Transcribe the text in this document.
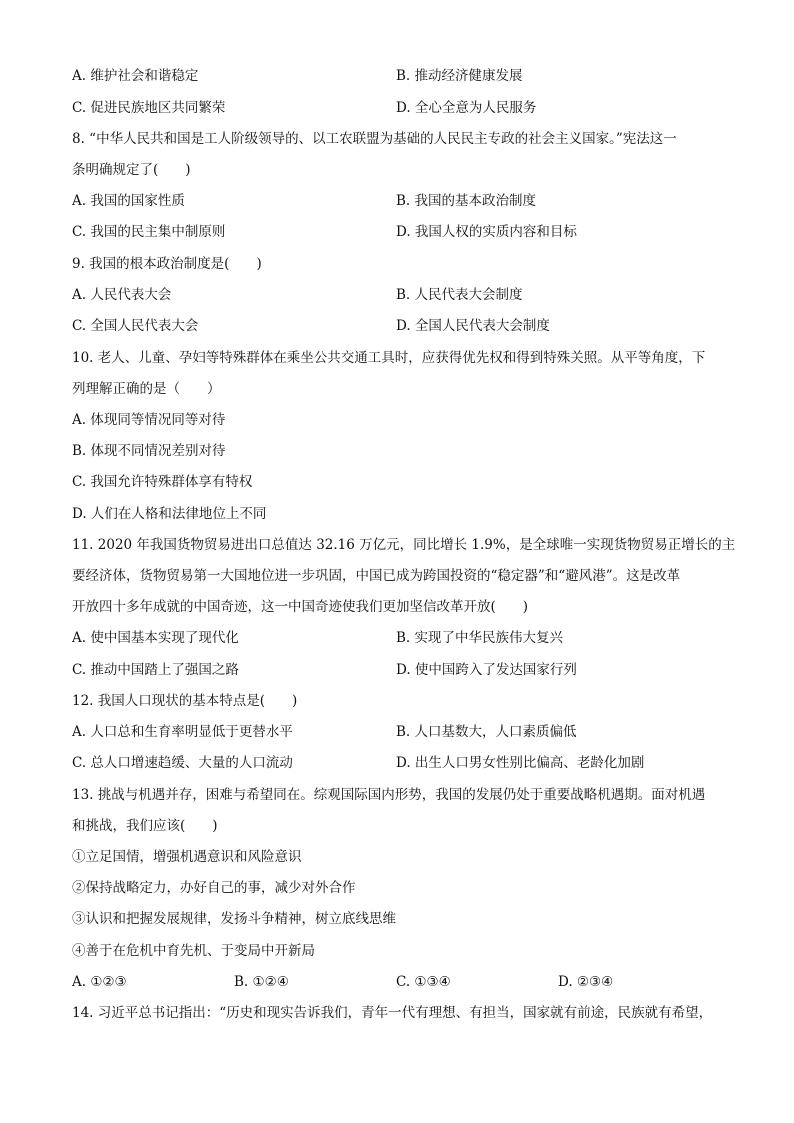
A. 维护社会和谐稳定	B. 推动经济健康发展
C. 促进民族地区共同繁荣	D. 全心全意为人民服务
8. “中华人民共和国是工人阶级领导的、以工农联盟为基础的人民民主专政的社会主义国家。”宪法这一
条明确规定了(　　)
A. 我国的国家性质	B. 我国的基本政治制度
C. 我国的民主集中制原则	D. 我国人权的实质内容和目标
9. 我国的根本政治制度是(　　)
A. 人民代表大会	B. 人民代表大会制度
C. 全国人民代表大会	D. 全国人民代表大会制度
10. 老人、儿童、孕妇等特殊群体在乘坐公共交通工具时，应获得优先权和得到特殊关照。从平等角度，下
列理解正确的是（　　）
A. 体现同等情况同等对待
B. 体现不同情况差别对待
C. 我国允许特殊群体享有特权
D. 人们在人格和法律地位上不同
11. 2020 年我国货物贸易进出口总值达 32.16 万亿元，同比增长 1.9%，是全球唯一实现货物贸易正增长的主
要经济体，货物贸易第一大国地位进一步巩固，中国已成为跨国投资的“稳定器”和“避风港”。这是改革
开放四十多年成就的中国奇迹，这一中国奇迹使我们更加坚信改革开放(　　)
A. 使中国基本实现了现代化	B. 实现了中华民族伟大复兴
C. 推动中国踏上了强国之路	D. 使中国跨入了发达国家行列
12. 我国人口现状的基本特点是(　　)
A. 人口总和生育率明显低于更替水平	B. 人口基数大，人口素质偏低
C. 总人口增速趋缓、大量的人口流动	D. 出生人口男女性别比偏高、老龄化加剧
13. 挑战与机遇并存，困难与希望同在。综观国际国内形势，我国的发展仍处于重要战略机遇期。面对机遇
和挑战，我们应该(　　)
①立足国情，增强机遇意识和风险意识
②保持战略定力，办好自己的事，减少对外合作
③认识和把握发展规律，发扬斗争精神，树立底线思维
④善于在危机中育先机、于变局中开新局
A. ①②③	B. ①②④	C. ①③④	D. ②③④
14. 习近平总书记指出：“历史和现实告诉我们，青年一代有理想、有担当，国家就有前途，民族就有希望，
